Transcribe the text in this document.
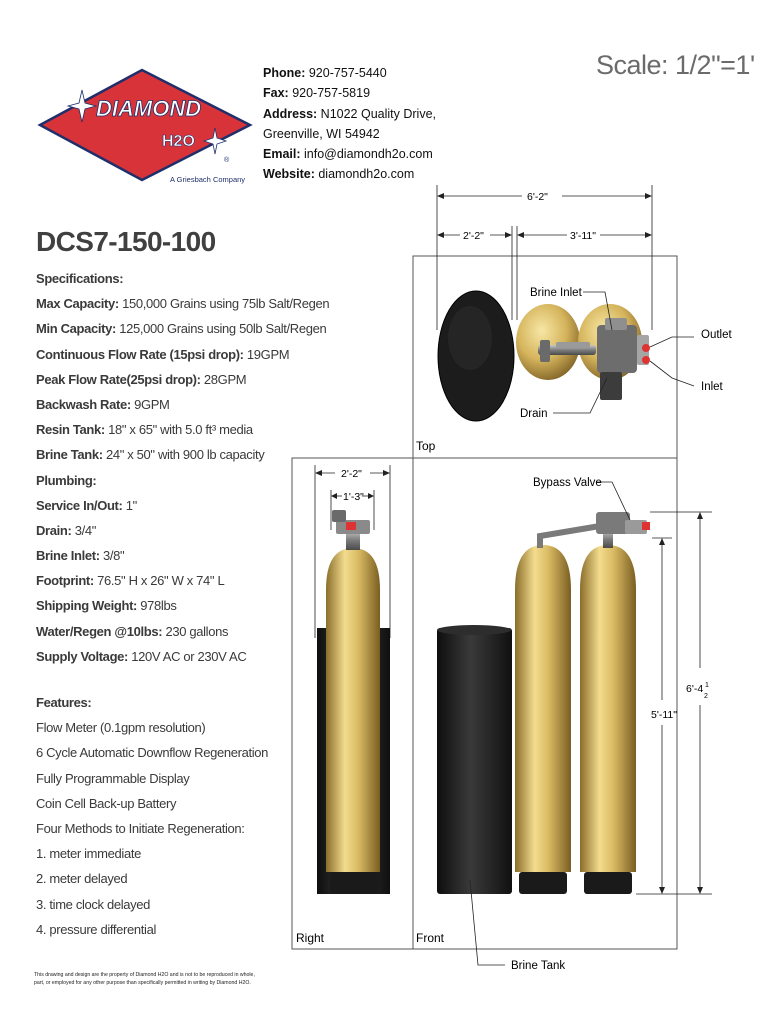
DIAMOND
H2O
®
A Griesbach Company
Phone: 920-757-5440
Fax: 920-757-5819
Address: N1022 Quality Drive,
Greenville, WI 54942
Email: info@diamondh2o.com
Website: diamondh2o.com
Scale: 1/2"=1'
DCS7-150-100
Specifications:
Max Capacity: 150,000 Grains using 75lb Salt/Regen
Min Capacity: 125,000 Grains using 50lb Salt/Regen
Continuous Flow Rate (15psi drop): 19GPM
Peak Flow Rate(25psi drop): 28GPM
Backwash Rate: 9GPM
Resin Tank: 18" x 65" with 5.0 ft³ media
Brine Tank: 24" x 50" with 900 lb capacity
Plumbing:
Service In/Out: 1"
Drain: 3/4"
Brine Inlet: 3/8"
Footprint: 76.5" H x 26" W x 74" L
Shipping Weight: 978lbs
Water/Regen @10lbs: 230 gallons
Supply Voltage: 120V AC or 230V AC
Features:
Flow Meter (0.1gpm resolution)
6 Cycle Automatic Downflow Regeneration
Fully Programmable Display
Coin Cell Back-up Battery
Four Methods to Initiate Regeneration:
1. meter immediate
2. meter delayed
3. time clock delayed
4. pressure differential
This drawing and design are the property of Diamond H2O and is not to be reproduced in whole, part, or employed for any other purpose than specifically permitted in writing by Diamond H2O.
Top
Right	Front
6'-2"
2'-2"	3'-11"
Brine Inlet
Outlet
Inlet
Drain
2'-2"
1'-3"
5'-11"
6'-4 1
2
Bypass Valve
Brine Tank
